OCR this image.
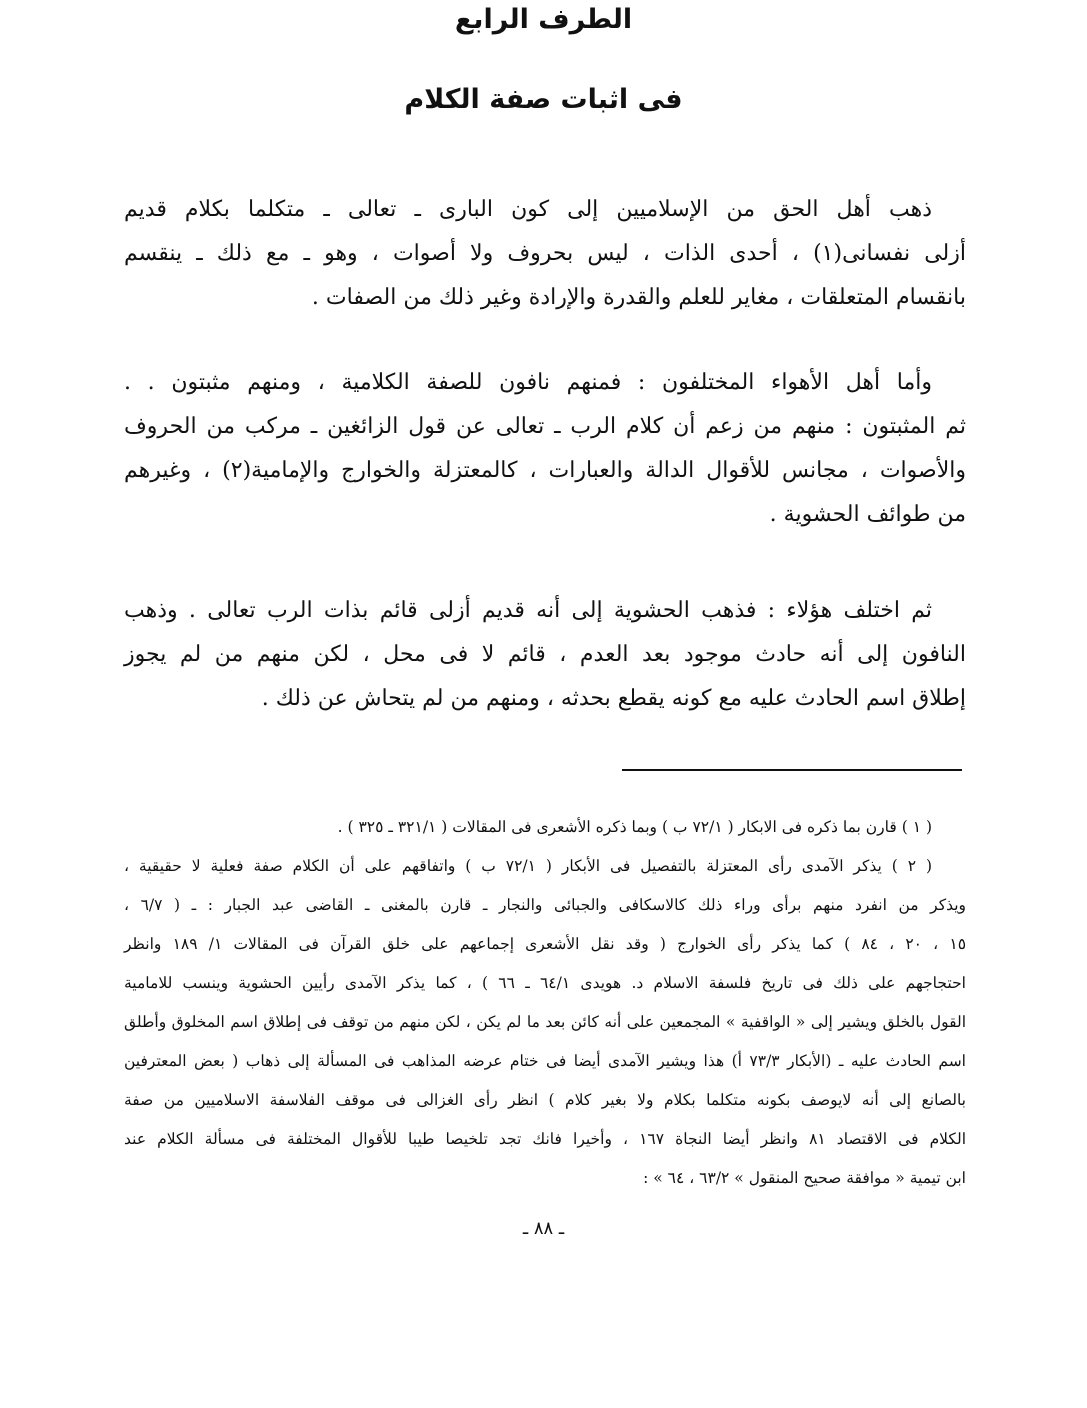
الطرف الرابع
فى اثبات صفة الكلام
ذهب أهل الحق من الإسلاميين إلى كون البارى ـ تعالى ـ متكلما بكلام قديم
أزلى نفسانى(١) ، أحدى الذات ، ليس بحروف ولا أصوات ، وهو ـ مع ذلك ـ ينقسم
بانقسام المتعلقات ، مغاير للعلم والقدرة والإرادة وغير ذلك من الصفات .
وأما أهل الأهواء المختلفون : فمنهم نافون للصفة الكلامية ، ومنهم مثبتون . .
ثم المثبتون : منهم من زعم أن كلام الرب ـ تعالى عن قول الزائغين ـ مركب من الحروف
والأصوات ، مجانس للأقوال الدالة والعبارات ، كالمعتزلة والخوارج والإمامية(٢) ، وغيرهم
من طوائف الحشوية .
ثم اختلف هؤلاء : فذهب الحشوية إلى أنه قديم أزلى قائم بذات الرب تعالى . وذهب
النافون إلى أنه حادث موجود بعد العدم ، قائم لا فى محل ، لكن منهم من لم يجوز
إطلاق اسم الحادث عليه مع كونه يقطع بحدثه ، ومنهم من لم يتحاش عن ذلك .
( ١ ) قارن بما ذكره فى الابكار ( ٧٢/١ ب ) وبما ذكره الأشعرى فى المقالات ( ٣٢١/١ ـ ٣٢٥ ) .
( ٢ ) يذكر الآمدى رأى المعتزلة بالتفصيل فى الأبكار ( ٧٢/١ ب ) واتفاقهم على أن الكلام صفة فعلية لا حقيقية ،
ويذكر من انفرد منهم برأى وراء ذلك كالاسكافى والجبائى والنجار ـ قارن بالمغنى ـ القاضى عبد الجبار : ـ ( ٦/٧ ،
١٥ ، ٢٠ ، ٨٤ ) كما يذكر رأى الخوارج ( وقد نقل الأشعرى إجماعهم على خلق القرآن فى المقالات ١/ ١٨٩ وانظر
احتجاجهم على ذلك فى تاريخ فلسفة الاسلام د. هويدى ٦٤/١ ـ ٦٦ ) ، كما يذكر الآمدى رأيين الحشوية وينسب للامامية
القول بالخلق ويشير إلى « الواقفية » المجمعين على أنه كائن بعد ما لم يكن ، لكن منهم من توقف فى إطلاق اسم المخلوق وأطلق
اسم الحادث عليه ـ (الأبكار ٧٣/٣ أ) هذا ويشير الآمدى أيضا فى ختام عرضه المذاهب فى المسألة إلى ذهاب ( بعض المعترفين
بالصانع إلى أنه لايوصف بكونه متكلما بكلام ولا بغير كلام ) انظر رأى الغزالى فى موقف الفلاسفة الاسلاميين من صفة
الكلام فى الاقتصاد ٨١ وانظر أيضا النجاة ١٦٧ ، وأخيرا فانك تجد تلخيصا طيبا للأقوال المختلفة فى مسألة الكلام عند
ابن تيمية « موافقة صحيح المنقول » ٦٣/٢ ، ٦٤ » :
ـ ٨٨ ـ
